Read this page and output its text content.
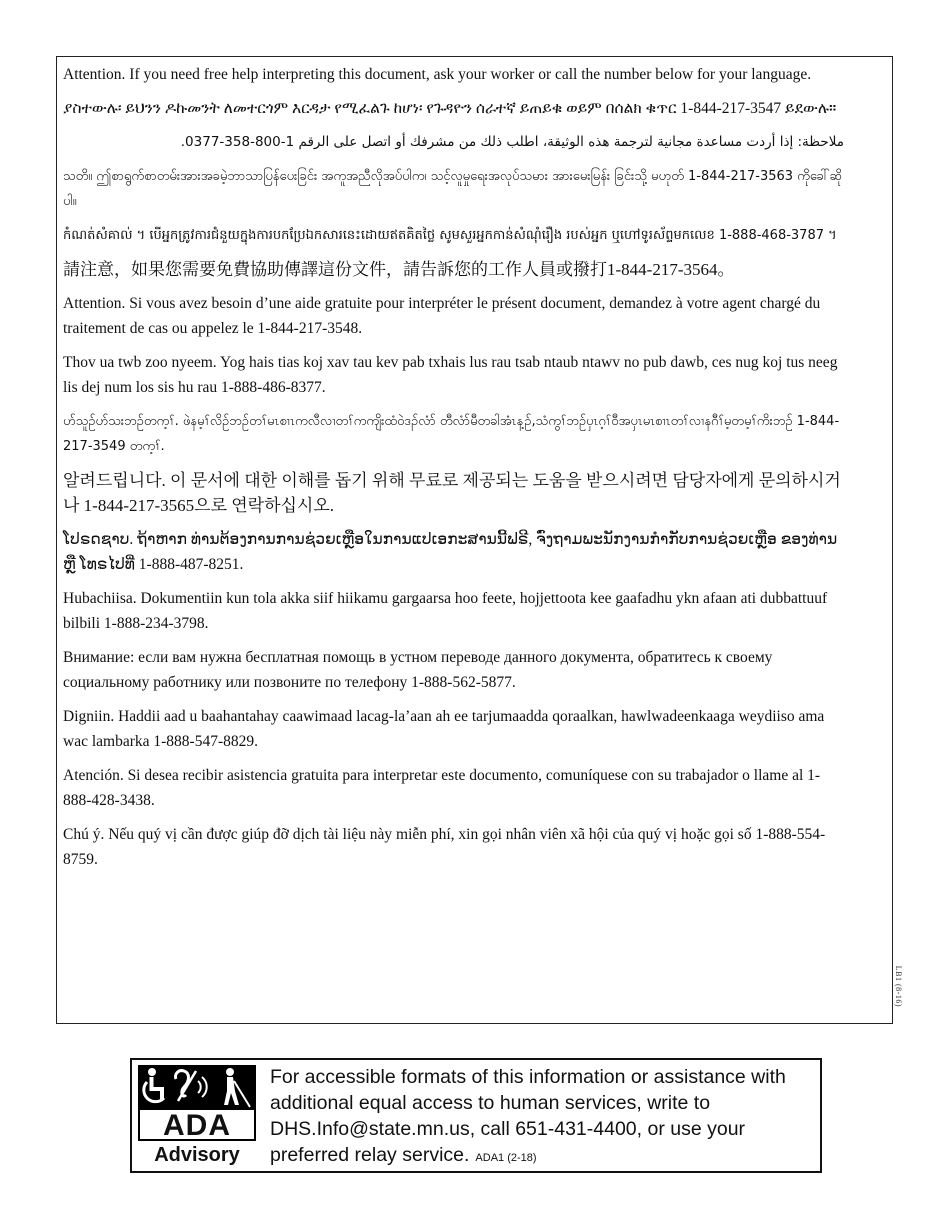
Attention. If you need free help interpreting this document, ask your worker or call the number below for your language.

ያስተውሉ፡ ይህንን ዶኩመንት ለመተርጎም እርዳታ የሚፈልጉ ከሆነ፡ የጉዳዮን ሰራተኛ ይጠይቁ ወይም በሰልክ ቁጥር 1-844-217-3547 ይደውሉ።

ملاحظة: إذا أردت مساعدة مجانية لترجمة هذه الوثيقة، اطلب ذلك من مشرفك أو اتصل على الرقم 1-800-358-0377.

သတိ။ ဤစာရွက်စာတမ်းအားအခမဲ့ဘာသာပြန်ပေးခြင်း အကူအညီလိုအပ်ပါက၊ သင့်လူမှုရေးအလုပ်သမား အားမေးမြန်း ခြင်းသို့ မဟုတ် 1-844-217-3563 ကိုခေါ်ဆိုပါ။

កំណត់សំគាល់ ។ បើអ្នកត្រូវការជំនួយក្នុងការបកប្រែឯកសារនេះដោយឥតគិតថ្លៃ សូមសួរអ្នកកាន់សំណុំរឿង របស់អ្នក ឬហៅទូរស័ព្ទមកលេខ 1-888-468-3787 ។

請注意，如果您需要免費協助傳譯這份文件，請告訴您的工作人員或撥打1-844-217-3564。

Attention. Si vous avez besoin d’une aide gratuite pour interpréter le présent document, demandez à votre agent chargé du traitement de cas ou appelez le 1-844-217-3548.

Thov ua twb zoo nyeem. Yog hais tias koj xav tau kev pab txhais lus rau tsab ntaub ntawv no pub dawb, ces nug koj tus neeg lis dej num los sis hu rau 1-888-486-8377.

ဟ်သူဉ်ဟ်သးဘဉ်တက့ၢ်. ဖဲနမ့ၢ်လိဉ်ဘဉ်တၢ်မၤစၢၤကလီလၢတၢ်ကကျိးထံဝဲဒၣ်လံာ် တီလံာ်မီတခါအံၤန့ဉ်,သံကွၢ်ဘဉ်ပှၤဂ့ၢ်ဝီအပှၤမၤစၢၤတၢ်လၢနဂီၢ်မ့တမ့ၢ်ကိးဘဉ် 1-844-217-3549 တက့ၢ်.

알려드립니다. 이 문서에 대한 이해를 돕기 위해 무료로 제공되는 도움을 받으시려면 담당자에게 문의하시거나 1-844-217-3565으로 연락하십시오.

ໂປຣດຊາບ. ຖ້າຫາກ ທ່ານຕ້ອງການການຊ່ວຍເຫຼືອໃນການແປເອກະສານນີ້ຟຣີ, ຈົ່ງຖາມພະນັກງານກໍາກັບການຊ່ວຍເຫຼືອ ຂອງທ່ານ ຫຼື ໂທຣໄປທີ່ 1-888-487-8251.

Hubachiisa. Dokumentiin kun tola akka siif hiikamu gargaarsa hoo feete, hojjettoota kee gaafadhu ykn afaan ati dubbattuuf bilbili 1-888-234-3798.

Внимание: если вам нужна бесплатная помощь в устном переводе данного документа, обратитесь к своему социальному работнику или позвоните по телефону 1-888-562-5877.

Digniin. Haddii aad u baahantahay caawimaad lacag-la’aan ah ee tarjumaadda qoraalkan, hawlwadeenkaaga weydiiso ama wac lambarka 1-888-547-8829.

Atención. Si desea recibir asistencia gratuita para interpretar este documento, comuníquese con su trabajador o llame al 1-888-428-3438.

Chú ý. Nếu quý vị cần được giúp đỡ dịch tài liệu này miễn phí, xin gọi nhân viên xã hội của quý vị hoặc gọi số 1-888-554-8759.

LB1 (8-16)
ADA
Advisory
For accessible formats of this information or assistance with additional equal access to human services, write to DHS.Info@state.mn.us, call 651-431-4400, or use your preferred relay service. ADA1 (2-18)
